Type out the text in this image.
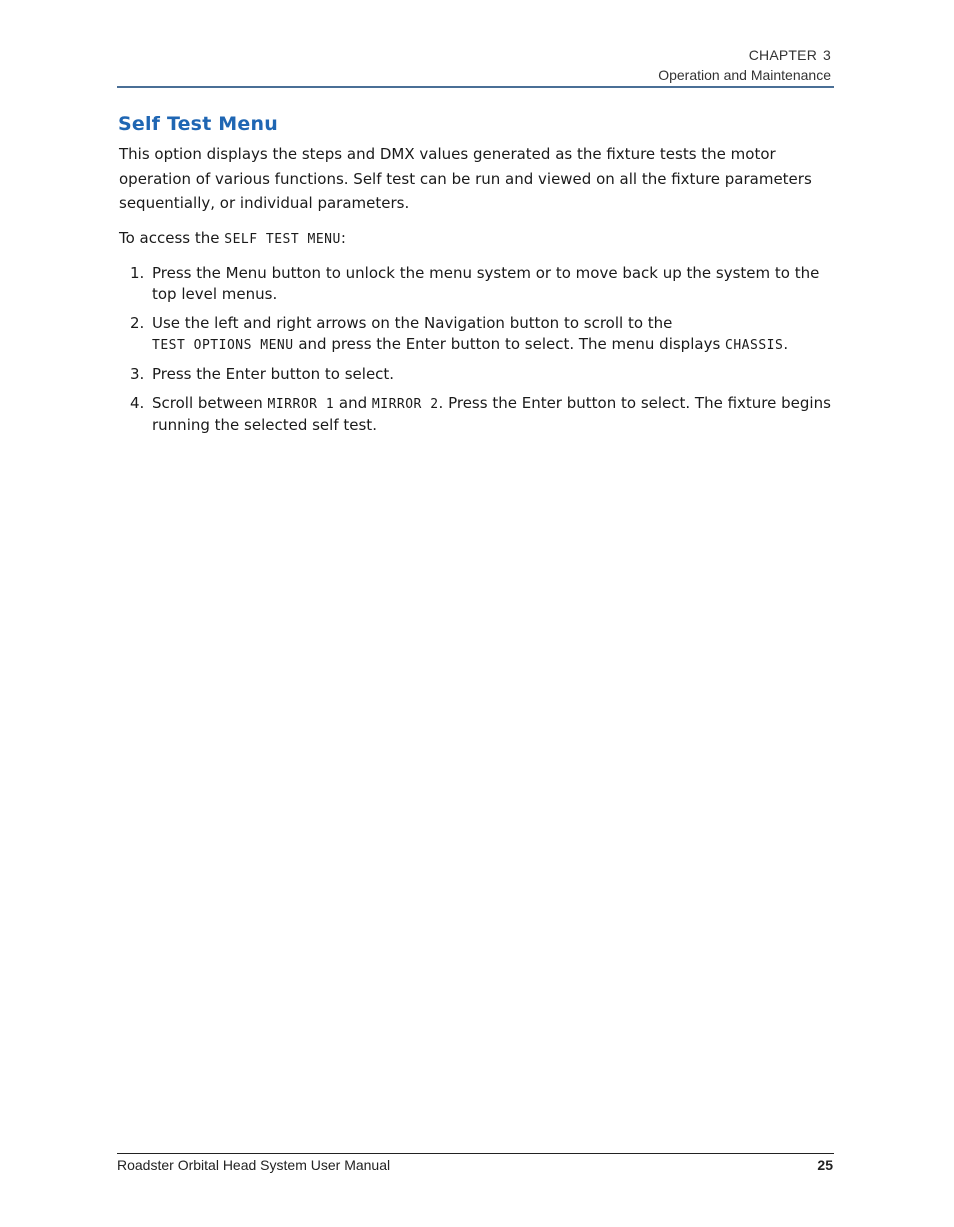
CHAPTER 3
Operation and Maintenance
Self Test Menu

This option displays the steps and DMX values generated as the fixture tests the motor operation of various functions. Self test can be run and viewed on all the fixture parameters sequentially, or individual parameters.

To access the SELF TEST MENU:

1. Press the Menu button to unlock the menu system or to move back up the system to the top level menus.
2. Use the left and right arrows on the Navigation button to scroll to the
TEST OPTIONS MENU and press the Enter button to select. The menu displays CHASSIS.
3. Press the Enter button to select.
4. Scroll between MIRROR 1 and MIRROR 2. Press the Enter button to select. The fixture begins running the selected self test.
Roadster Orbital Head System User Manual	25
